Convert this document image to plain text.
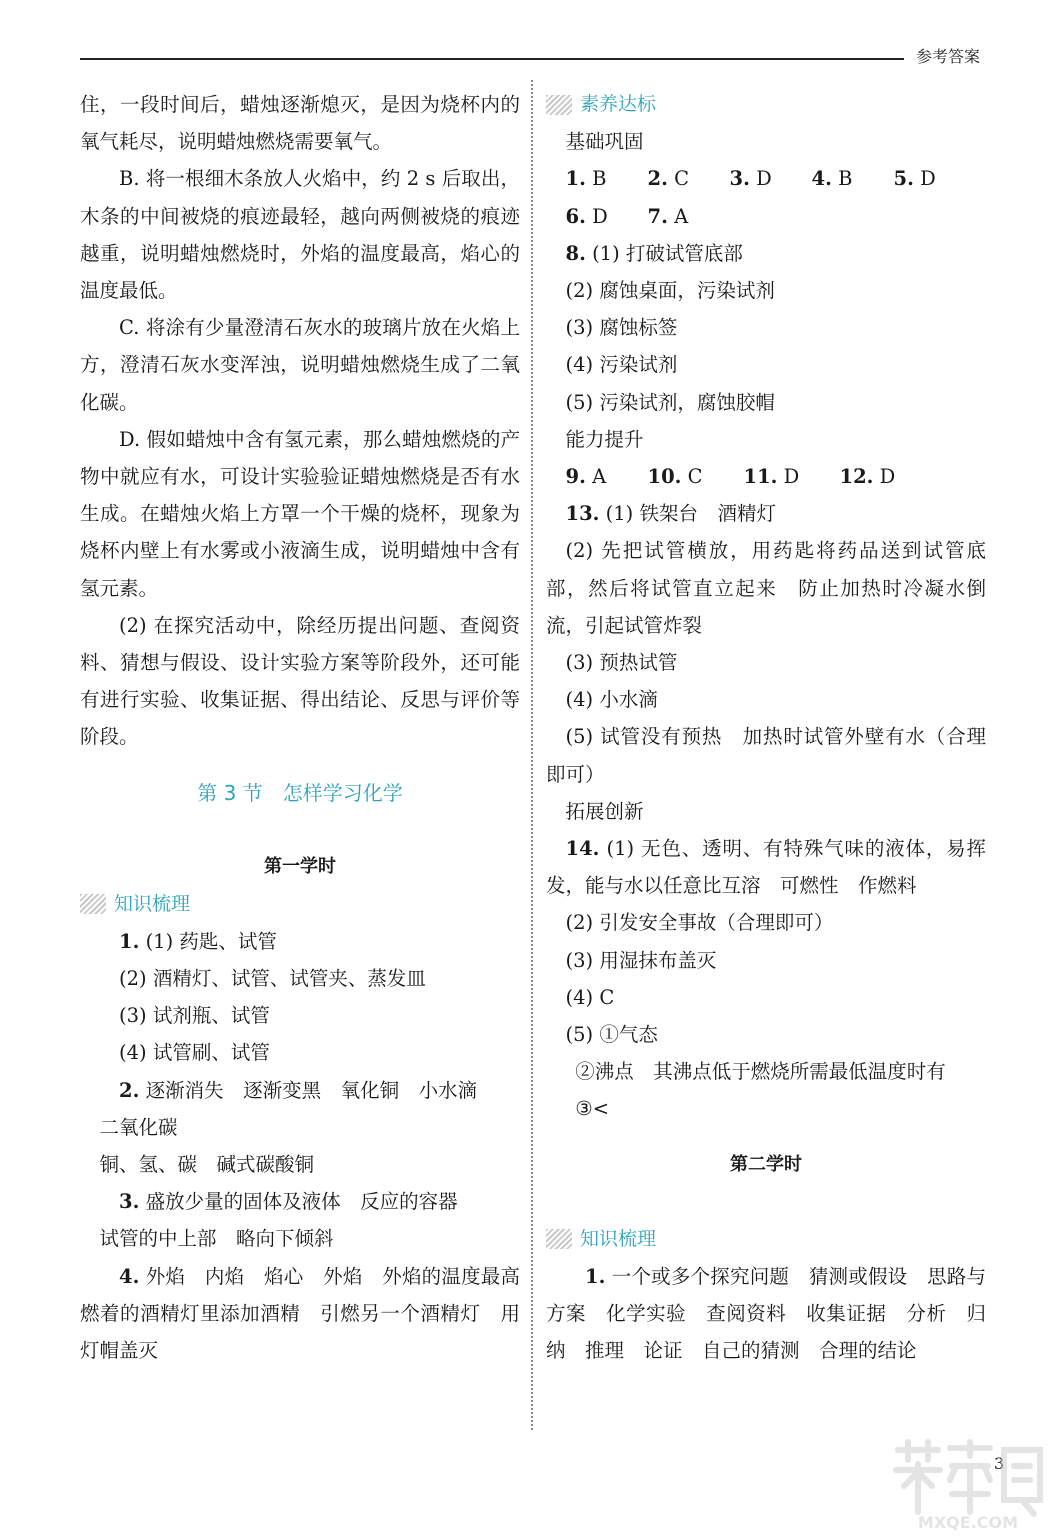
参考答案

住，一段时间后，蜡烛逐渐熄灭，是因为烧杯内的氧气耗尽，说明蜡烛燃烧需要氧气。

B. 将一根细木条放人火焰中，约 2 s 后取出，木条的中间被烧的痕迹最轻，越向两侧被烧的痕迹越重，说明蜡烛燃烧时，外焰的温度最高，焰心的温度最低。

C. 将涂有少量澄清石灰水的玻璃片放在火焰上方，澄清石灰水变浑浊，说明蜡烛燃烧生成了二氧化碳。

D. 假如蜡烛中含有氢元素，那么蜡烛燃烧的产物中就应有水，可设计实验验证蜡烛燃烧是否有水生成。在蜡烛火焰上方罩一个干燥的烧杯，现象为烧杯内壁上有水雾或小液滴生成，说明蜡烛中含有氢元素。

(2) 在探究活动中，除经历提出问题、查阅资料、猜想与假设、设计实验方案等阶段外，还可能有进行实验、收集证据、得出结论、反思与评价等阶段。

第 3 节　怎样学习化学

第一学时

知识梳理

1. (1) 药匙、试管

(2) 酒精灯、试管、试管夹、蒸发皿

(3) 试剂瓶、试管

(4) 试管刷、试管

2. 逐渐消失　逐渐变黑　氧化铜　小水滴

二氧化碳

铜、氢、碳　碱式碳酸铜

3. 盛放少量的固体及液体　反应的容器

试管的中上部　略向下倾斜

4. 外焰　内焰　焰心　外焰　外焰的温度最高　燃着的酒精灯里添加酒精　引燃另一个酒精灯　用灯帽盖灭

素养达标

基础巩固

1. B 2. C 3. D 4. B 5. D

6. D 7. A

8. (1) 打破试管底部

(2) 腐蚀桌面，污染试剂

(3) 腐蚀标签

(4) 污染试剂

(5) 污染试剂，腐蚀胶帽

能力提升

9. A 10. C 11. D 12. D

13. (1) 铁架台　酒精灯

(2) 先把试管横放，用药匙将药品送到试管底部，然后将试管直立起来　防止加热时冷凝水倒流，引起试管炸裂

(3) 预热试管

(4) 小水滴

(5) 试管没有预热　加热时试管外壁有水（合理即可）

拓展创新

14. (1) 无色、透明、有特殊气味的液体，易挥发，能与水以任意比互溶　可燃性　作燃料

(2) 引发安全事故（合理即可）

(3) 用湿抹布盖灭

(4) C

(5) ①气态

②沸点　其沸点低于燃烧所需最低温度时有

③<

第二学时

知识梳理

1. 一个或多个探究问题　猜测或假设　思路与方案　化学实验　查阅资料　收集证据　分析　归纳　推理　论证　自己的猜测　合理的结论

3
MXQE.COM
